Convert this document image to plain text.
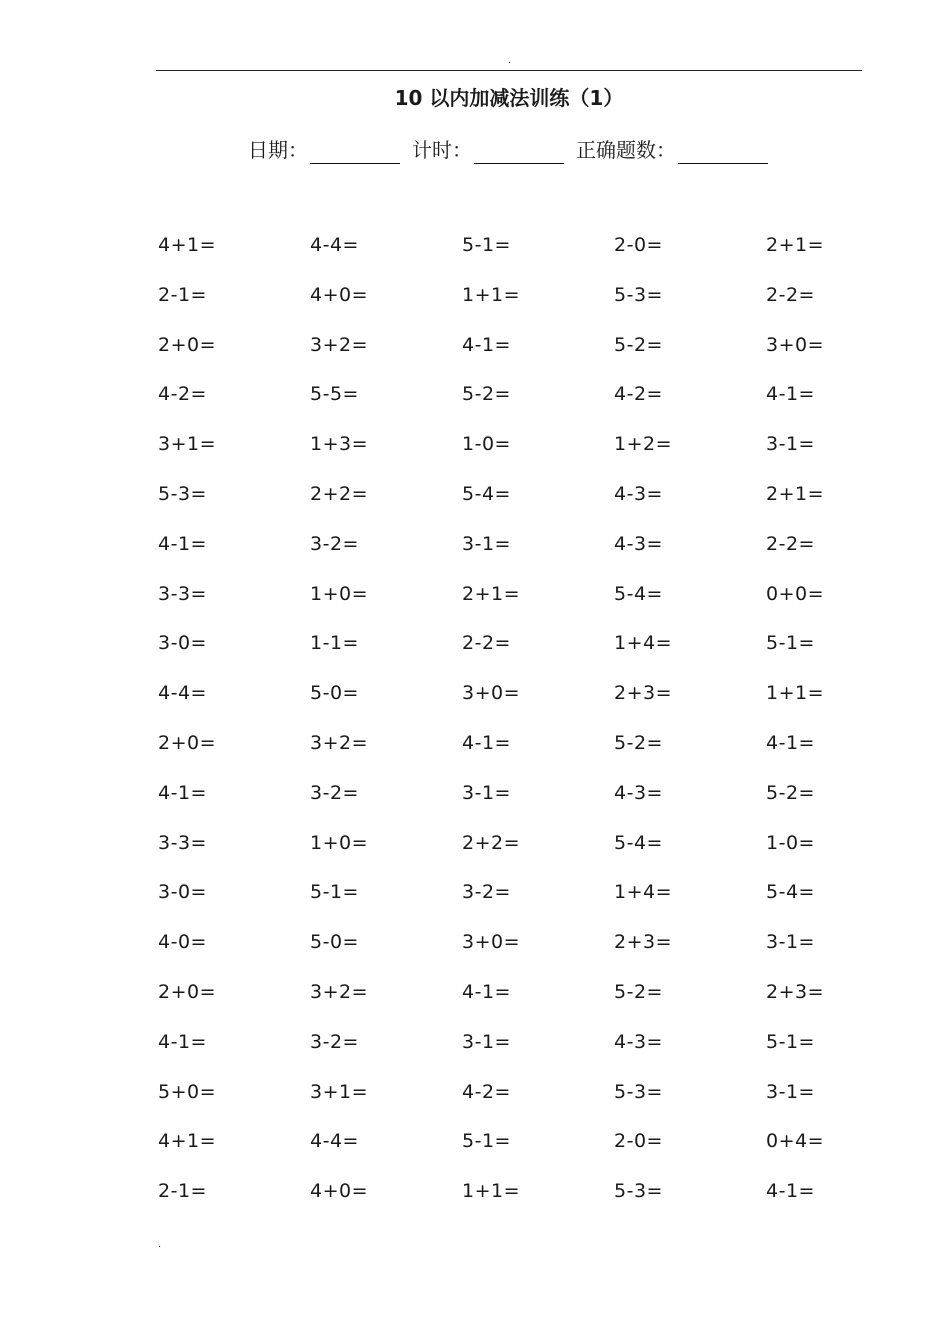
.
10 以内加减法训练（1）
日期：	计时：	正确题数：
4+1=	4-4=	5-1=	2-0=	2+1=
2-1=	4+0=	1+1=	5-3=	2-2=
2+0=	3+2=	4-1=	5-2=	3+0=
4-2=	5-5=	5-2=	4-2=	4-1=
3+1=	1+3=	1-0=	1+2=	3-1=
5-3=	2+2=	5-4=	4-3=	2+1=
4-1=	3-2=	3-1=	4-3=	2-2=
3-3=	1+0=	2+1=	5-4=	0+0=
3-0=	1-1=	2-2=	1+4=	5-1=
4-4=	5-0=	3+0=	2+3=	1+1=
2+0=	3+2=	4-1=	5-2=	4-1=
4-1=	3-2=	3-1=	4-3=	5-2=
3-3=	1+0=	2+2=	5-4=	1-0=
3-0=	5-1=	3-2=	1+4=	5-4=
4-0=	5-0=	3+0=	2+3=	3-1=
2+0=	3+2=	4-1=	5-2=	2+3=
4-1=	3-2=	3-1=	4-3=	5-1=
5+0=	3+1=	4-2=	5-3=	3-1=
4+1=	4-4=	5-1=	2-0=	0+4=
2-1=	4+0=	1+1=	5-3=	4-1=
.
